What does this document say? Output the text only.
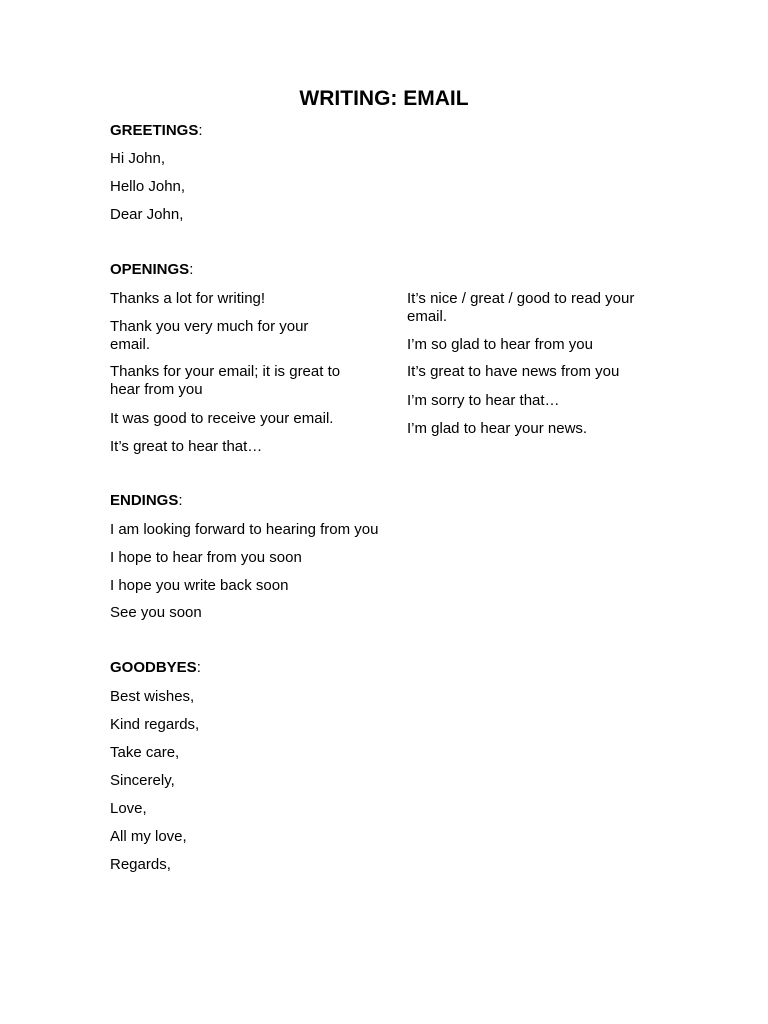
WRITING: EMAIL
GREETINGS:
Hi John,
Hello John,
Dear John,
OPENINGS:
Thanks a lot for writing!
Thank you very much for your
email.
Thanks for your email; it is great to
hear from you
It was good to receive your email.
It’s great to hear that…
It’s nice / great / good to read your
email.
I’m so glad to hear from you
It’s great to have news from you
I’m sorry to hear that…
I’m glad to hear your news.
ENDINGS:
I am looking forward to hearing from you
I hope to hear from you soon
I hope you write back soon
See you soon
GOODBYES:
Best wishes,
Kind regards,
Take care,
Sincerely,
Love,
All my love,
Regards,
